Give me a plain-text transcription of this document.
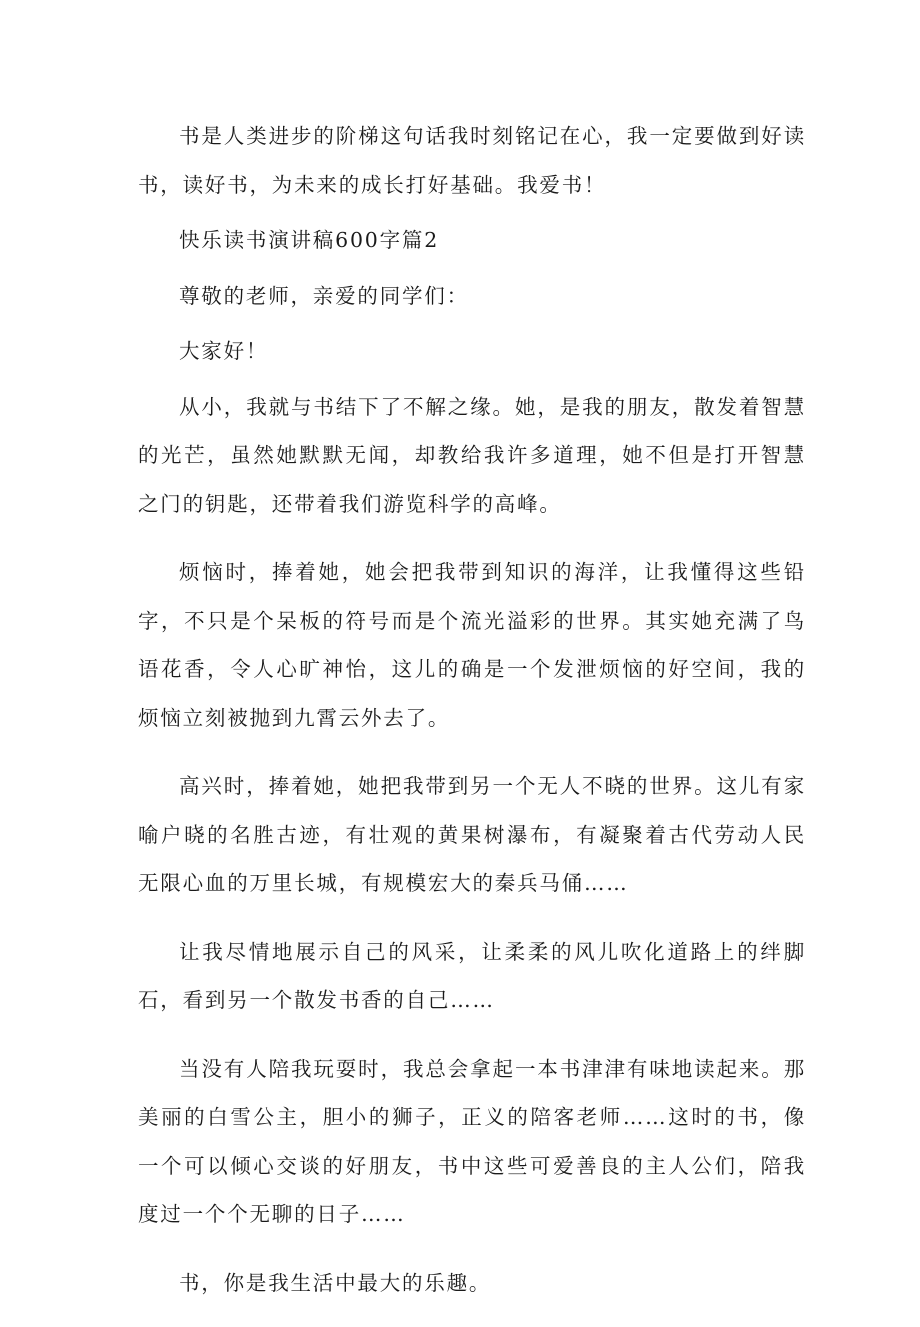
书是人类进步的阶梯这句话我时刻铭记在心，我一定要做到好读书，读好书，为未来的成长打好基础。我爱书！

快乐读书演讲稿600字篇2

尊敬的老师，亲爱的同学们：

大家好！

从小，我就与书结下了不解之缘。她，是我的朋友，散发着智慧的光芒，虽然她默默无闻，却教给我许多道理，她不但是打开智慧之门的钥匙，还带着我们游览科学的高峰。

烦恼时，捧着她，她会把我带到知识的海洋，让我懂得这些铅字，不只是个呆板的符号而是个流光溢彩的世界。其实她充满了鸟语花香，令人心旷神怡，这儿的确是一个发泄烦恼的好空间，我的烦恼立刻被抛到九霄云外去了。

高兴时，捧着她，她把我带到另一个无人不晓的世界。这儿有家喻户晓的名胜古迹，有壮观的黄果树瀑布，有凝聚着古代劳动人民无限心血的万里长城，有规模宏大的秦兵马俑……

让我尽情地展示自己的风采，让柔柔的风儿吹化道路上的绊脚石，看到另一个散发书香的自己……

当没有人陪我玩耍时，我总会拿起一本书津津有味地读起来。那美丽的白雪公主，胆小的狮子，正义的陪客老师……这时的书，像一个可以倾心交谈的好朋友，书中这些可爱善良的主人公们，陪我度过一个个无聊的日子……

书，你是我生活中最大的乐趣。
